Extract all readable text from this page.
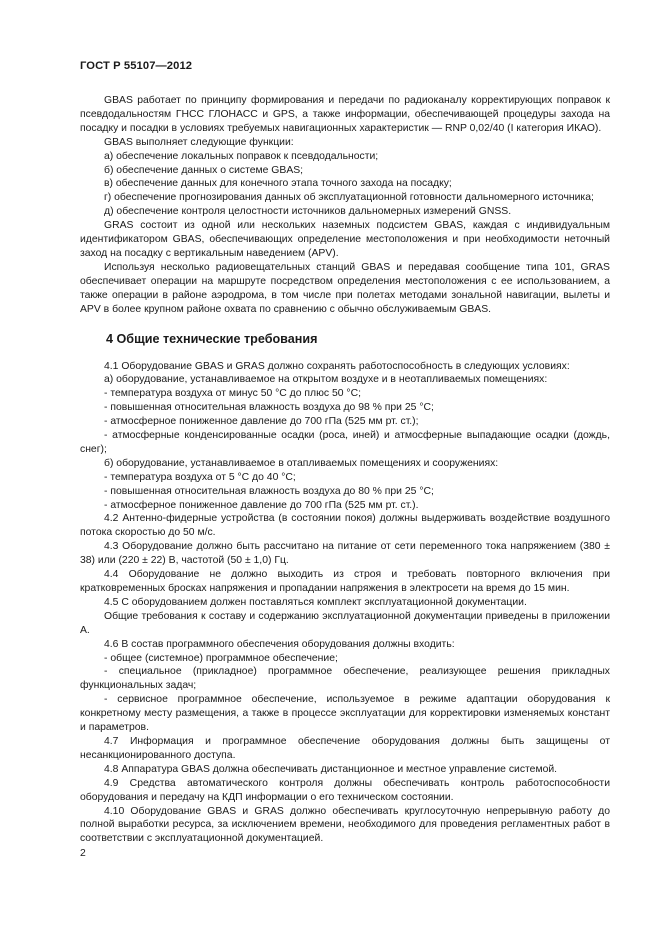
ГОСТ Р 55107—2012

GBAS работает по принципу формирования и передачи по радиоканалу корректирующих поправок к псевдодальностям ГНСС ГЛОНАСС и GPS, а также информации, обеспечивающей процедуры захода на посадку и посадки в условиях требуемых навигационных характеристик — RNP 0,02/40 (I категория ИКАО).

GBAS выполняет следующие функции:

а) обеспечение локальных поправок к псевдодальности;

б) обеспечение данных о системе GBAS;

в) обеспечение данных для конечного этапа точного захода на посадку;

г) обеспечение прогнозирования данных об эксплуатационной готовности дальномерного источника;

д) обеспечение контроля целостности источников дальномерных измерений GNSS.

GRAS состоит из одной или нескольких наземных подсистем GBAS, каждая с индивидуальным идентификатором GBAS, обеспечивающих определение местоположения и при необходимости неточный заход на посадку с вертикальным наведением (APV).

Используя несколько радиовещательных станций GBAS и передавая сообщение типа 101, GRAS обеспечивает операции на маршруте посредством определения местоположения с ее использованием, а также операции в районе аэродрома, в том числе при полетах методами зональной навигации, вылеты и APV в более крупном районе охвата по сравнению с обычно обслуживаемым GBAS.

4 Общие технические требования

4.1 Оборудование GBAS и GRAS должно сохранять работоспособность в следующих условиях:

а) оборудование, устанавливаемое на открытом воздухе и в неотапливаемых помещениях:

- температура воздуха от минус 50 °С до плюс 50 °С;

- повышенная относительная влажность воздуха до 98 % при 25 °С;

- атмосферное пониженное давление до 700 гПа (525 мм рт. ст.);

- атмосферные конденсированные осадки (роса, иней) и атмосферные выпадающие осадки (дождь, снег);

б) оборудование, устанавливаемое в отапливаемых помещениях и сооружениях:

- температура воздуха от 5 °С до 40 °С;

- повышенная относительная влажность воздуха до 80 % при 25 °С;

- атмосферное пониженное давление до 700 гПа (525 мм рт. ст.).

4.2 Антенно-фидерные устройства (в состоянии покоя) должны выдерживать воздействие воздушного потока скоростью до 50 м/с.

4.3 Оборудование должно быть рассчитано на питание от сети переменного тока напряжением (380 ± 38) или (220 ± 22) В, частотой (50 ± 1,0) Гц.

4.4 Оборудование не должно выходить из строя и требовать повторного включения при кратковременных бросках напряжения и пропадании напряжения в электросети на время до 15 мин.

4.5 С оборудованием должен поставляться комплект эксплуатационной документации.

Общие требования к составу и содержанию эксплуатационной документации приведены в приложении А.

4.6 В состав программного обеспечения оборудования должны входить:

- общее (системное) программное обеспечение;

- специальное (прикладное) программное обеспечение, реализующее решения прикладных функциональных задач;

- сервисное программное обеспечение, используемое в режиме адаптации оборудования к конкретному месту размещения, а также в процессе эксплуатации для корректировки изменяемых констант и параметров.

4.7 Информация и программное обеспечение оборудования должны быть защищены от несанкционированного доступа.

4.8 Аппаратура GBAS должна обеспечивать дистанционное и местное управление системой.

4.9 Средства автоматического контроля должны обеспечивать контроль работоспособности оборудования и передачу на КДП информации о его техническом состоянии.

4.10 Оборудование GBAS и GRAS должно обеспечивать круглосуточную непрерывную работу до полной выработки ресурса, за исключением времени, необходимого для проведения регламентных работ в соответствии с эксплуатационной документацией.

2
